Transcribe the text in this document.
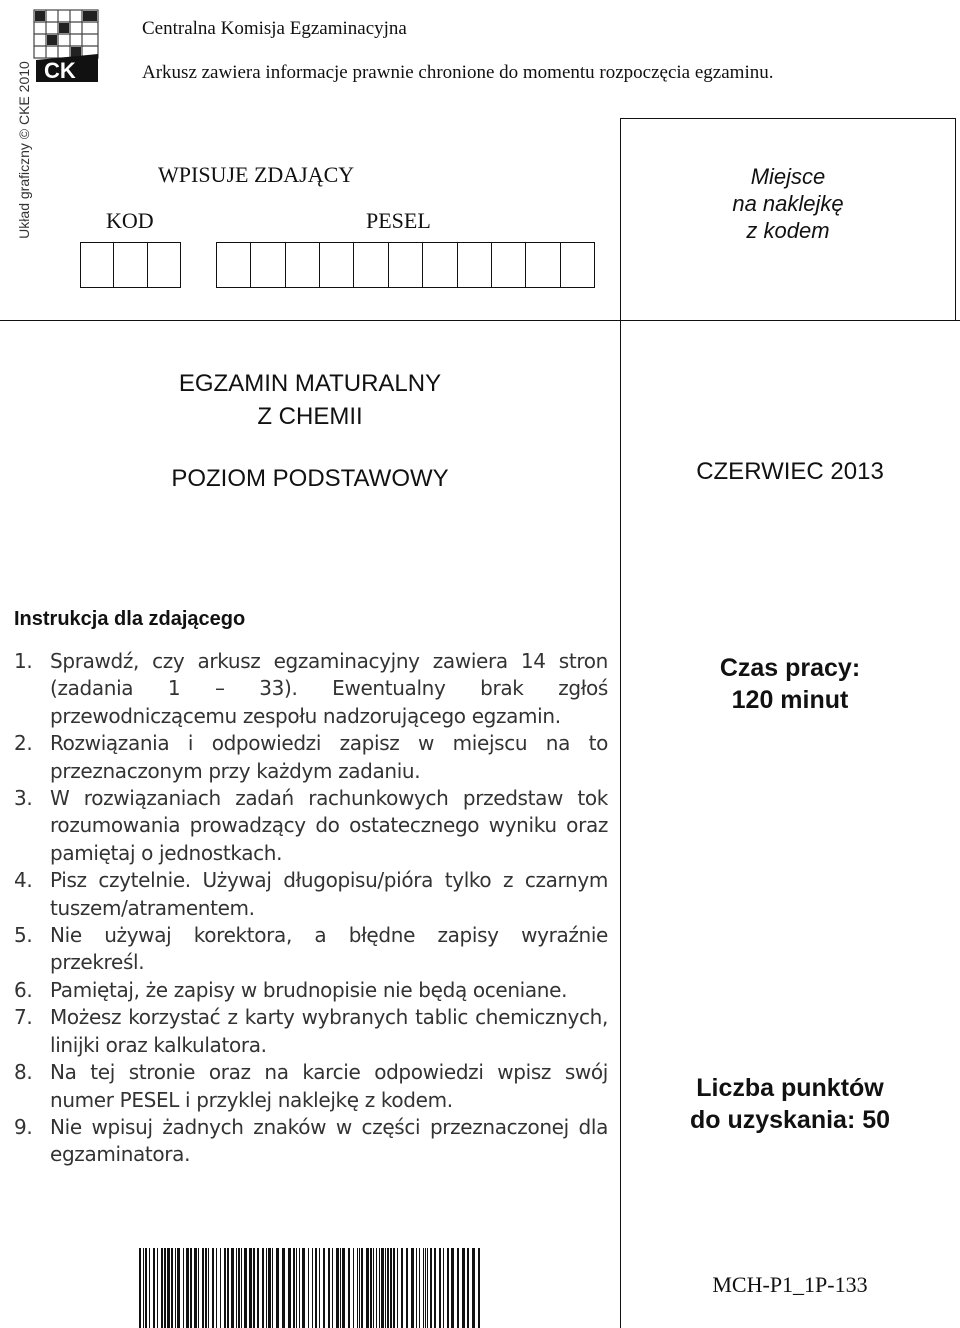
CK
Centralna Komisja Egzaminacyjna
Arkusz zawiera informacje prawnie chronione do momentu rozpoczęcia egzaminu.
Układ graficzny © CKE 2010	WPISUJE ZDAJĄCY
KOD	PESEL
Miejsce
na naklejkę
z kodem
EGZAMIN MATURALNY
Z CHEMII
POZIOM PODSTAWOWY	CZERWIEC 2013
Instrukcja dla zdającego
1. Sprawdź, czy arkusz egzaminacyjny zawiera 14 stron (zadania 1 – 33). Ewentualny brak zgłoś przewodniczącemu zespołu nadzorującego egzamin.
2. Rozwiązania i odpowiedzi zapisz w miejscu na to przeznaczonym przy każdym zadaniu.
3. W rozwiązaniach zadań rachunkowych przedstaw tok rozumowania prowadzący do ostatecznego wyniku oraz pamiętaj o jednostkach.
4. Pisz czytelnie. Używaj długopisu/pióra tylko z czarnym tuszem/atramentem.
5. Nie używaj korektora, a błędne zapisy wyraźnie przekreśl.
6. Pamiętaj, że zapisy w brudnopisie nie będą oceniane.
7. Możesz korzystać z karty wybranych tablic chemicznych, linijki oraz kalkulatora.
8. Na tej stronie oraz na karcie odpowiedzi wpisz swój numer PESEL i przyklej naklejkę z kodem.
9. Nie wpisuj żadnych znaków w części przeznaczonej dla egzaminatora.
Czas pracy:
120 minut
Liczba punktów
do uzyskania: 50
MCH-P1_1P-133
